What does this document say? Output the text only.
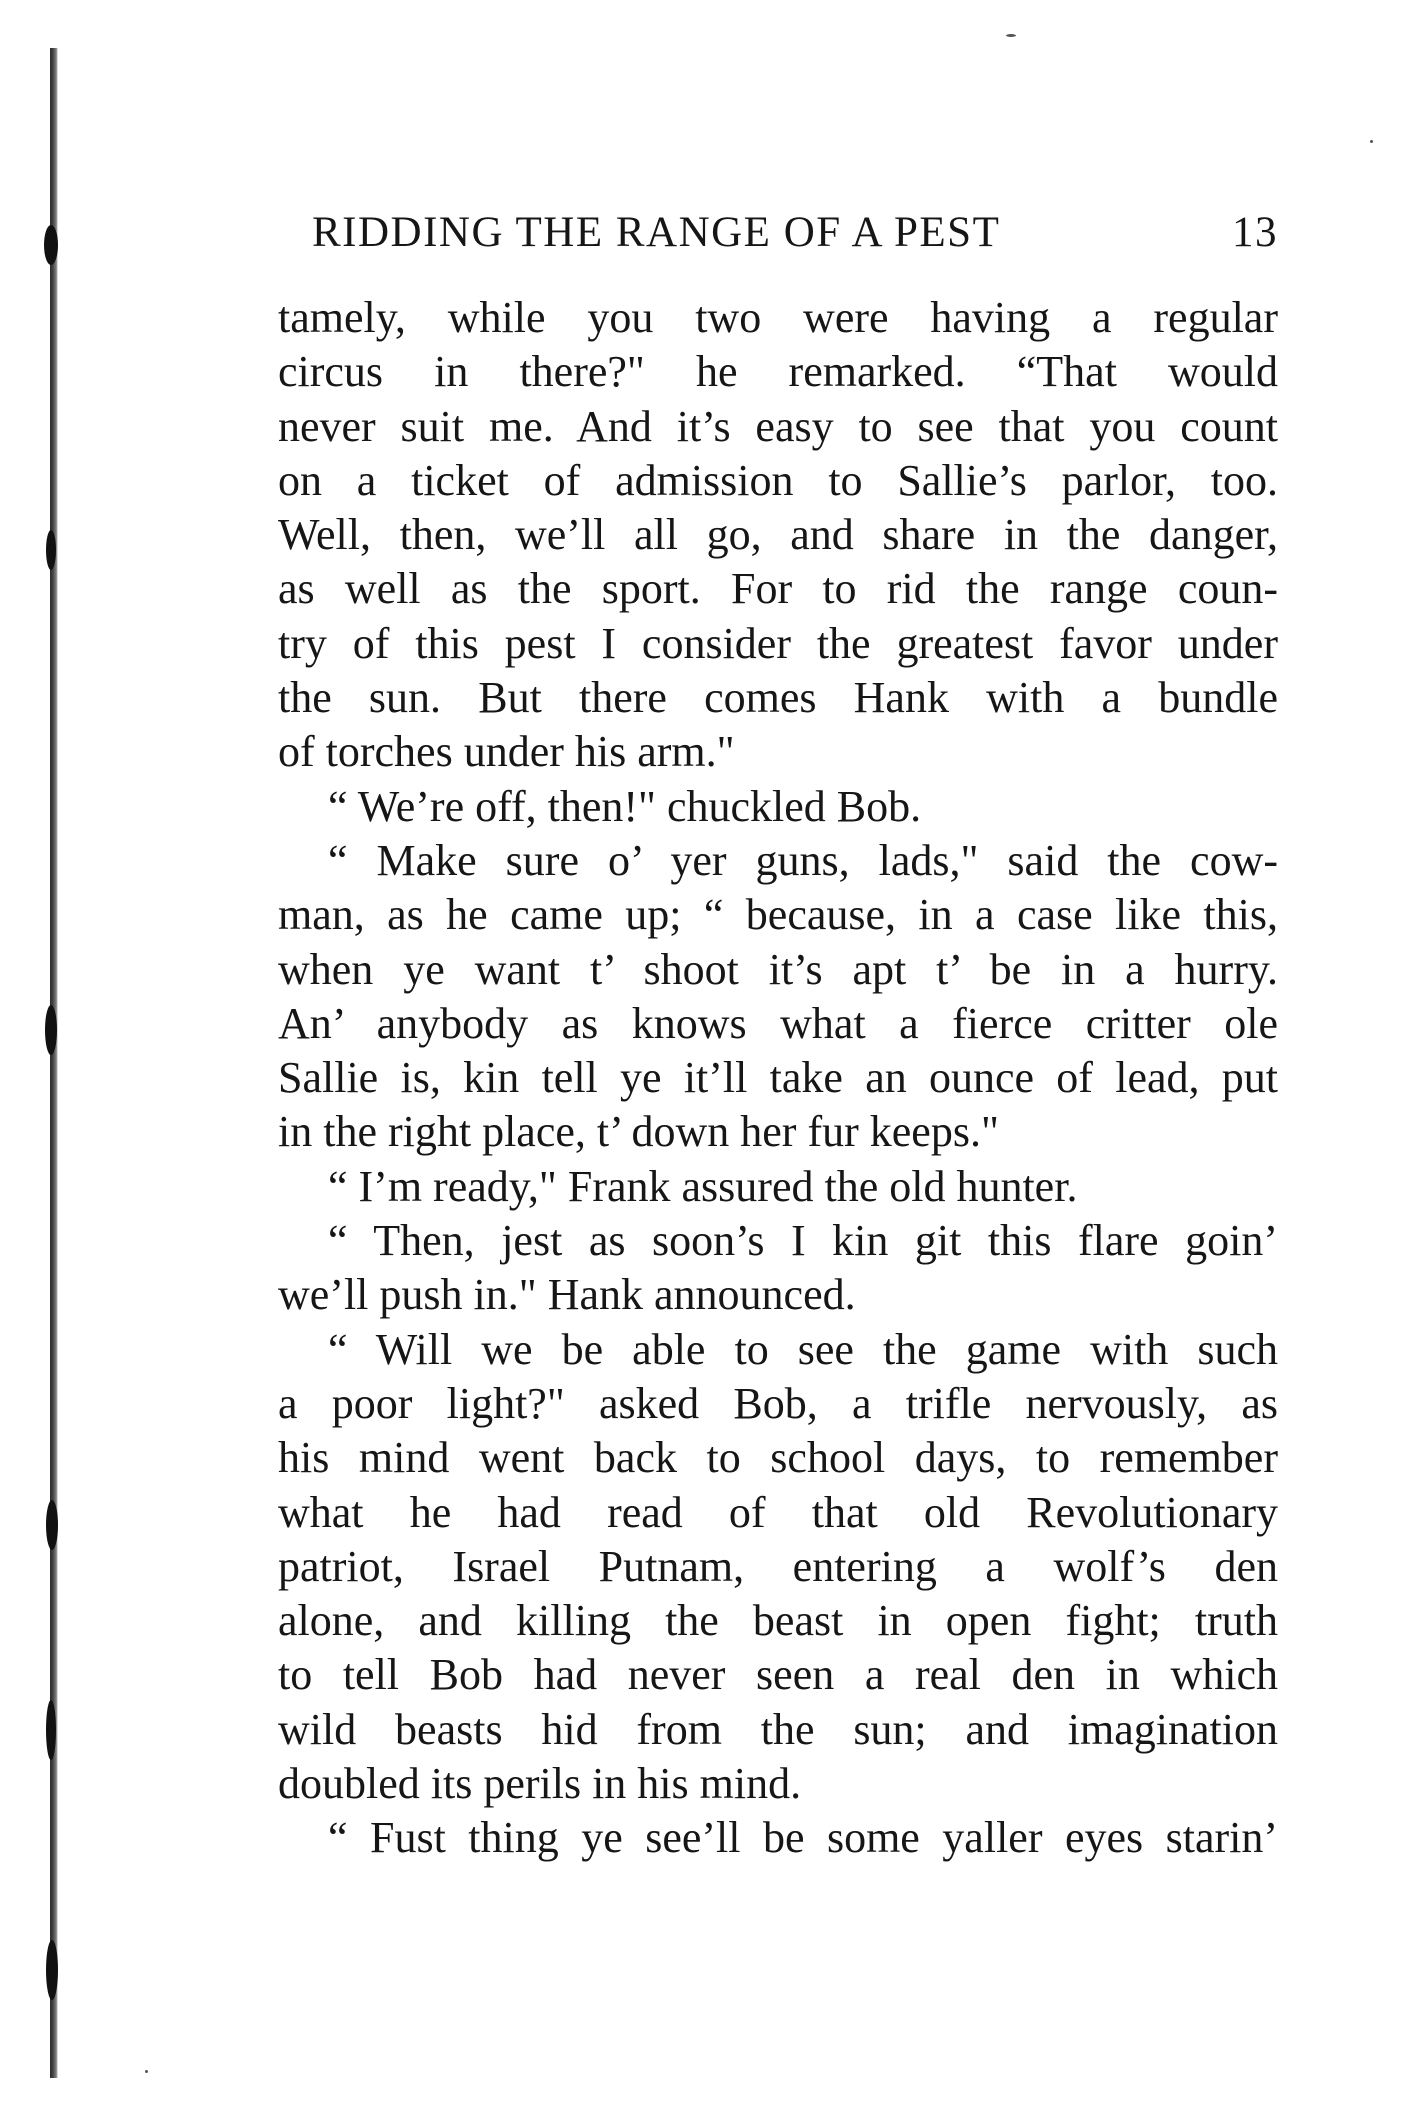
RIDDING THE RANGE OF A PEST	13
tamely, while you two were having a regular
circus in there?" he remarked. “That would
never suit me. And it’s easy to see that you count
on a ticket of admission to Sallie’s parlor, too.
Well, then, we’ll all go, and share in the danger,
as well as the sport. For to rid the range coun-
try of this pest I consider the greatest favor under
the sun. But there comes Hank with a bundle
of torches under his arm."
“ We’re off, then!" chuckled Bob.
“ Make sure o’ yer guns, lads," said the cow-
man, as he came up; “ because, in a case like this,
when ye want t’ shoot it’s apt t’ be in a hurry.
An’ anybody as knows what a fierce critter ole
Sallie is, kin tell ye it’ll take an ounce of lead, put
in the right place, t’ down her fur keeps."
“ I’m ready," Frank assured the old hunter.
“ Then, jest as soon’s I kin git this flare goin’
we’ll push in." Hank announced.
“ Will we be able to see the game with such
a poor light?" asked Bob, a trifle nervously, as
his mind went back to school days, to remember
what he had read of that old Revolutionary
patriot, Israel Putnam, entering a wolf’s den
alone, and killing the beast in open fight; truth
to tell Bob had never seen a real den in which
wild beasts hid from the sun; and imagination
doubled its perils in his mind.
“ Fust thing ye see’ll be some yaller eyes starin’
